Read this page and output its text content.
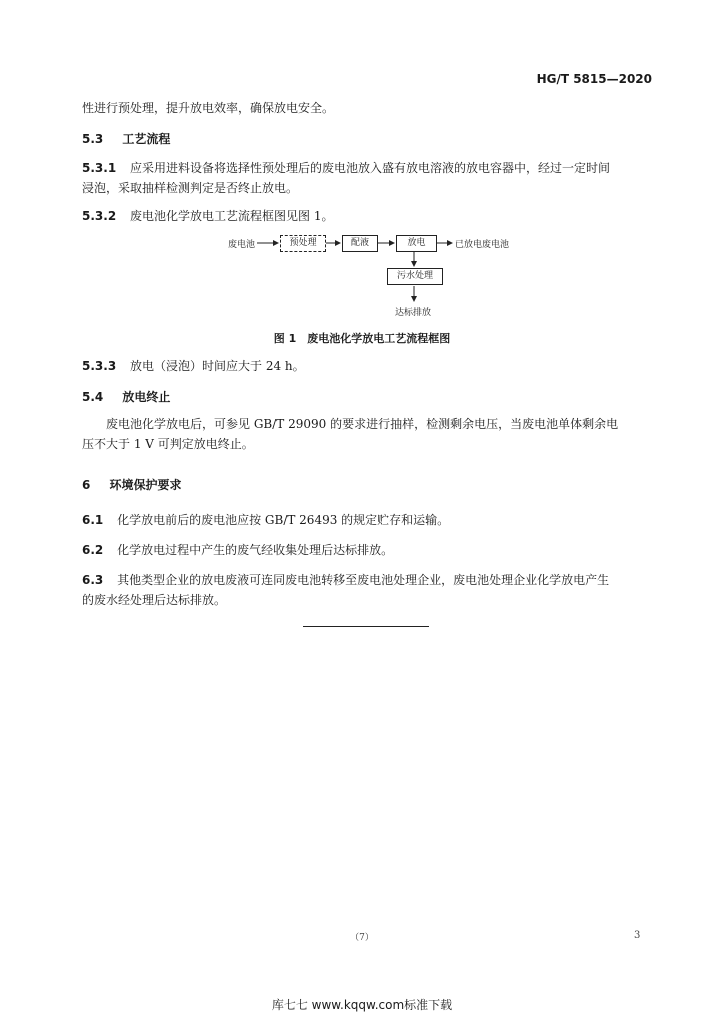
HG/T 5815—2020
性进行预处理，提升放电效率，确保放电安全。
5.3 工艺流程
5.3.1 应采用进料设备将选择性预处理后的废电池放入盛有放电溶液的放电容器中，经过一定时间
浸泡，采取抽样检测判定是否终止放电。
5.3.2 废电池化学放电工艺流程框图见图 1。
废电池	预处理	配液	放电	已放电废电池
污水处理
达标排放
图 1　废电池化学放电工艺流程框图
5.3.3 放电（浸泡）时间应大于 24 h。
5.4 放电终止
废电池化学放电后，可参见 GB/T 29090 的要求进行抽样，检测剩余电压，当废电池单体剩余电
压不大于 1 V 可判定放电终止。
6 环境保护要求
6.1 化学放电前后的废电池应按 GB/T 26493 的规定贮存和运输。
6.2 化学放电过程中产生的废气经收集处理后达标排放。
6.3 其他类型企业的放电废液可连同废电池转移至废电池处理企业，废电池处理企业化学放电产生
的废水经处理后达标排放。
（7）	3
库七七 www.kqqw.com标准下载
